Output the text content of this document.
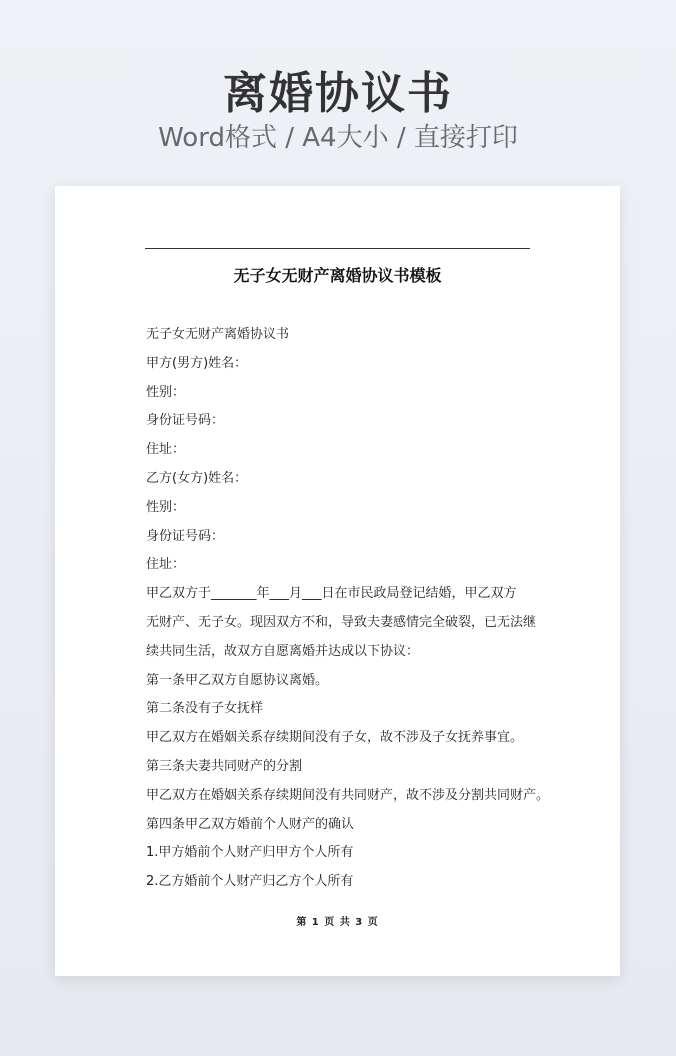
离婚协议书
Word格式 / A4大小 / 直接打印
无子女无财产离婚协议书模板
无子女无财产离婚协议书
甲方(男方)姓名：
性别：
身份证号码：
住址：
乙方(女方)姓名：
性别：
身份证号码：
住址：
甲乙双方于_______年___月___日在市民政局登记结婚，甲乙双方
无财产、无子女。现因双方不和，导致夫妻感情完全破裂，已无法继
续共同生活，故双方自愿离婚并达成以下协议：
第一条甲乙双方自愿协议离婚。
第二条没有子女抚样
甲乙双方在婚姻关系存续期间没有子女，故不涉及子女抚养事宜。
第三条夫妻共同财产的分割
甲乙双方在婚姻关系存续期间没有共同财产，故不涉及分割共同财产。
第四条甲乙双方婚前个人财产的确认
1.甲方婚前个人财产归甲方个人所有
2.乙方婚前个人财产归乙方个人所有
第 1 页 共 3 页
